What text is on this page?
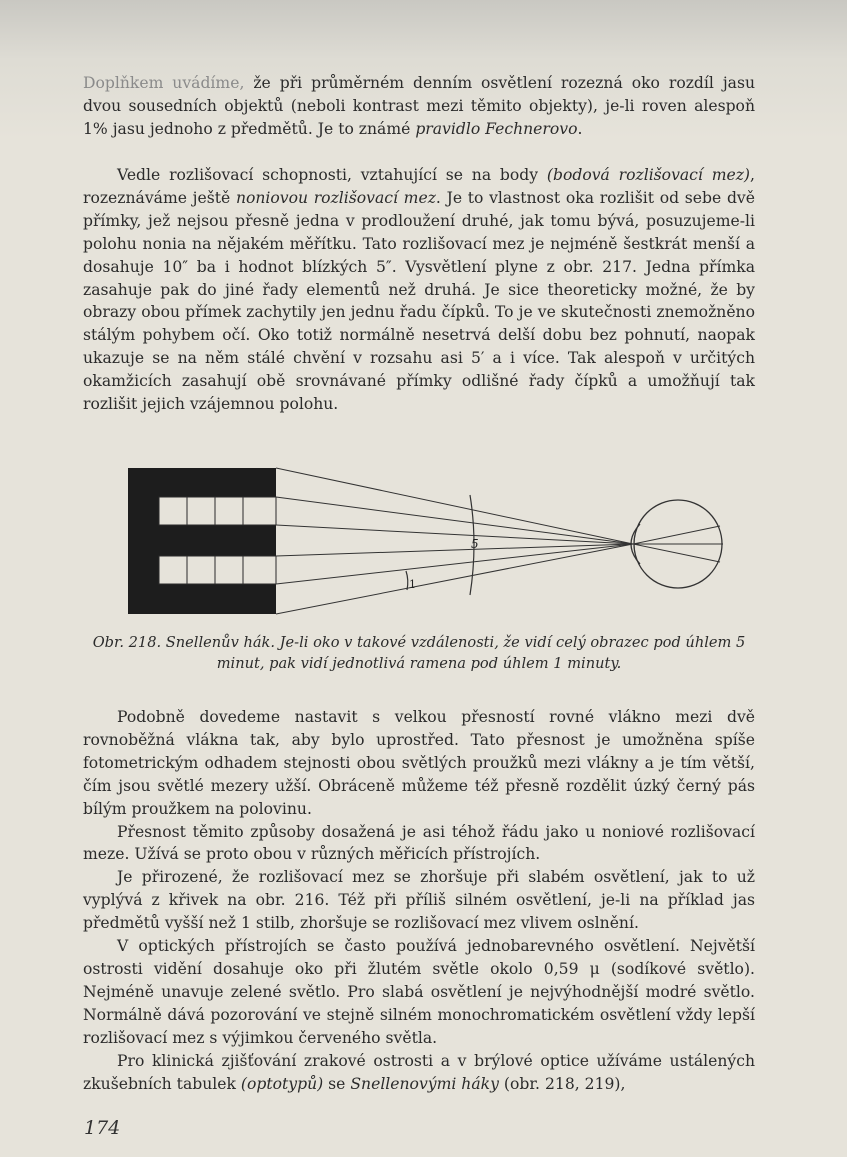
Doplňkem uvádíme, že při průměrném denním osvětlení rozezná oko rozdíl jasu dvou sousedních objektů (neboli kontrast mezi těmito objekty), je-li roven alespoň 1% jasu jednoho z předmětů. Je to známé pravidlo Fechnerovo.

Vedle rozlišovací schopnosti, vztahující se na body (bodová rozlišovací mez), rozeznáváme ještě noniovou rozlišovací mez. Je to vlastnost oka rozlišit od sebe dvě přímky, jež nejsou přesně jedna v prodloužení druhé, jak tomu bývá, posuzujeme-li polohu nonia na nějakém měřítku. Tato rozlišovací mez je nejméně šestkrát menší a dosahuje 10″ ba i hodnot blízkých 5″. Vysvětlení plyne z obr. 217. Jedna přímka zasahuje pak do jiné řady elementů než druhá. Je sice theoreticky možné, že by obrazy obou přímek zachytily jen jednu řadu čípků. To je ve skutečnosti znemožněno stálým pohybem očí. Oko totiž normálně nesetrvá delší dobu bez pohnutí, naopak ukazuje se na něm stálé chvění v rozsahu asi 5′ a i více. Tak alespoň v určitých okamžicích zasahují obě srovnávané přímky odlišné řady čípků a umožňují tak rozlišit jejich vzájemnou polohu.

5
1
Obr. 218. Snellenův hák. Je-li oko v takové vzdálenosti, že vidí celý obrazec pod úhlem 5 minut, pak vidí jednotlivá ramena pod úhlem 1 minuty.

Podobně dovedeme nastavit s velkou přesností rovné vlákno mezi dvě rovnoběžná vlákna tak, aby bylo uprostřed. Tato přesnost je umožněna spíše fotometrickým odhadem stejnosti obou světlých proužků mezi vlákny a je tím větší, čím jsou světlé mezery užší. Obráceně můžeme též přesně rozdělit úzký černý pás bílým proužkem na polovinu.

Přesnost těmito způsoby dosažená je asi téhož řádu jako u noniové rozlišovací meze. Užívá se proto obou v různých měřicích přístrojích.

Je přirozené, že rozlišovací mez se zhoršuje při slabém osvětlení, jak to už vyplývá z křivek na obr. 216. Též při příliš silném osvětlení, je-li na příklad jas předmětů vyšší než 1 stilb, zhoršuje se rozlišovací mez vlivem oslnění.

V optických přístrojích se často používá jednobarevného osvětlení. Největší ostrosti vidění dosahuje oko při žlutém světle okolo 0,59 μ (sodíkové světlo). Nejméně unavuje zelené světlo. Pro slabá osvětlení je nejvýhodnější modré světlo. Normálně dává pozorování ve stejně silném monochromatickém osvětlení vždy lepší rozlišovací mez s výjimkou červeného světla.

Pro klinická zjišťování zrakové ostrosti a v brýlové optice užíváme ustálených zkušebních tabulek (optotypů) se Snellenovými háky (obr. 218, 219),

174
